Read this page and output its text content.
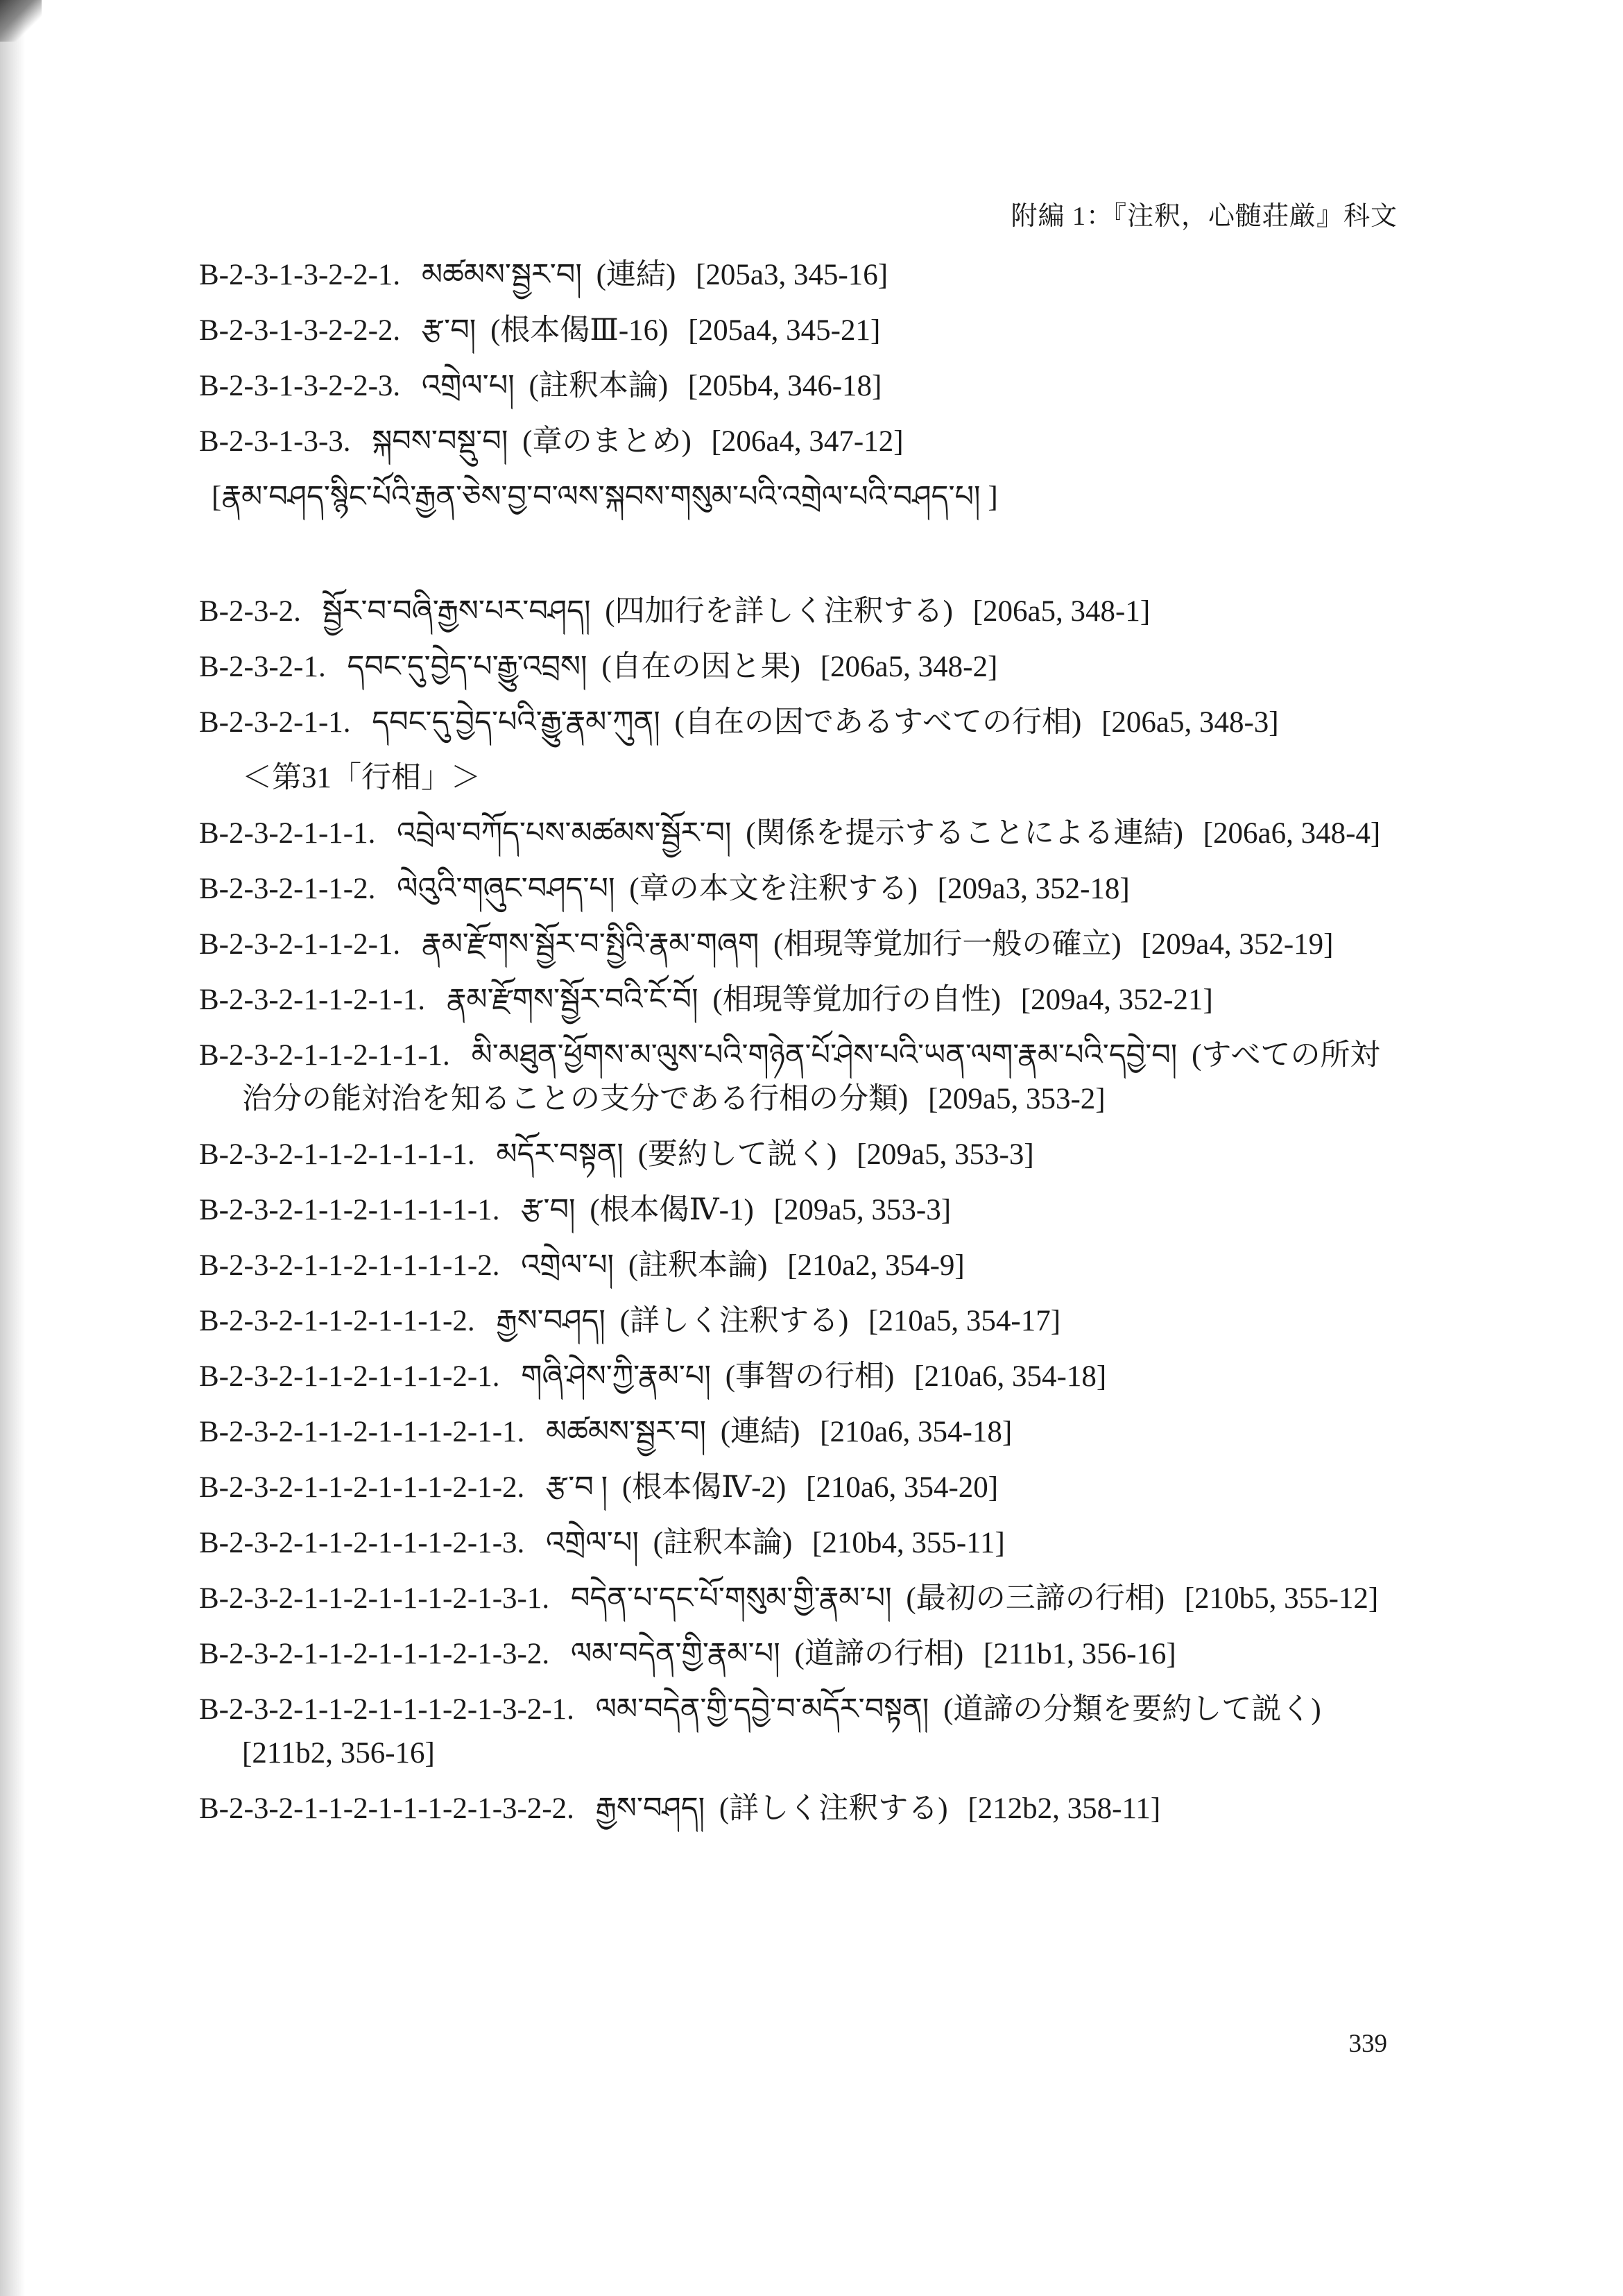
附編 1：『注釈，心髄荘厳』科文
B-2-3-1-3-2-2-1. མཚམས་སྦྱར་བ། (連結) [205a3, 345-16]
B-2-3-1-3-2-2-2. རྩ་བ། (根本偈Ⅲ-16) [205a4, 345-21]
B-2-3-1-3-2-2-3. འགྲེལ་པ། (註釈本論) [205b4, 346-18]
B-2-3-1-3-3. སྐབས་བསྡུ་བ། (章のまとめ) [206a4, 347-12]
[རྣམ་བཤད་སྙིང་པོའི་རྒྱན་ཅེས་བྱ་བ་ལས་སྐབས་གསུམ་པའི་འགྲེལ་པའི་བཤད་པ། ]
B-2-3-2. སྦྱོར་བ་བཞི་རྒྱས་པར་བཤད། (四加行を詳しく注釈する) [206a5, 348-1]
B-2-3-2-1. དབང་དུ་བྱེད་པ་རྒྱུ་འབྲས། (自在の因と果) [206a5, 348-2]
B-2-3-2-1-1. དབང་དུ་བྱེད་པའི་རྒྱུ་རྣམ་ཀུན། (自在の因であるすべての行相) [206a5, 348-3]
＜第31「行相」＞
B-2-3-2-1-1-1. འབྲེལ་བཀོད་པས་མཚམས་སྦྱོར་བ། (関係を提示することによる連結) [206a6, 348-4]
B-2-3-2-1-1-2. ལེའུའི་གཞུང་བཤད་པ། (章の本文を注釈する) [209a3, 352-18]
B-2-3-2-1-1-2-1. རྣམ་རྫོགས་སྦྱོར་བ་སྤྱིའི་རྣམ་གཞག (相現等覚加行一般の確立) [209a4, 352-19]
B-2-3-2-1-1-2-1-1. རྣམ་རྫོགས་སྦྱོར་བའི་ངོ་བོ། (相現等覚加行の自性) [209a4, 352-21]
B-2-3-2-1-1-2-1-1-1. མི་མཐུན་ཕྱོགས་མ་ལུས་པའི་གཉེན་པོ་ཤེས་པའི་ཡན་ལག་རྣམ་པའི་དབྱེ་བ། (すべての所対治分の能対治を知ることの支分である行相の分類) [209a5, 353-2]
B-2-3-2-1-1-2-1-1-1-1. མདོར་བསྟན། (要約して説く) [209a5, 353-3]
B-2-3-2-1-1-2-1-1-1-1-1. རྩ་བ། (根本偈Ⅳ-1) [209a5, 353-3]
B-2-3-2-1-1-2-1-1-1-1-2. འགྲེལ་པ། (註釈本論) [210a2, 354-9]
B-2-3-2-1-1-2-1-1-1-2. རྒྱས་བཤད། (詳しく注釈する) [210a5, 354-17]
B-2-3-2-1-1-2-1-1-1-2-1. གཞི་ཤེས་ཀྱི་རྣམ་པ། (事智の行相) [210a6, 354-18]
B-2-3-2-1-1-2-1-1-1-2-1-1. མཚམས་སྦྱར་བ། (連結) [210a6, 354-18]
B-2-3-2-1-1-2-1-1-1-2-1-2. རྩ་བ ། (根本偈Ⅳ-2) [210a6, 354-20]
B-2-3-2-1-1-2-1-1-1-2-1-3. འགྲེལ་པ། (註釈本論) [210b4, 355-11]
B-2-3-2-1-1-2-1-1-1-2-1-3-1. བདེན་པ་དང་པོ་གསུམ་གྱི་རྣམ་པ། (最初の三諦の行相) [210b5, 355-12]
B-2-3-2-1-1-2-1-1-1-2-1-3-2. ལམ་བདེན་གྱི་རྣམ་པ། (道諦の行相) [211b1, 356-16]
B-2-3-2-1-1-2-1-1-1-2-1-3-2-1. ལམ་བདེན་གྱི་དབྱེ་བ་མདོར་བསྟན། (道諦の分類を要約して説く) [211b2, 356-16]
B-2-3-2-1-1-2-1-1-1-2-1-3-2-2. རྒྱས་བཤད། (詳しく注釈する) [212b2, 358-11]
339
